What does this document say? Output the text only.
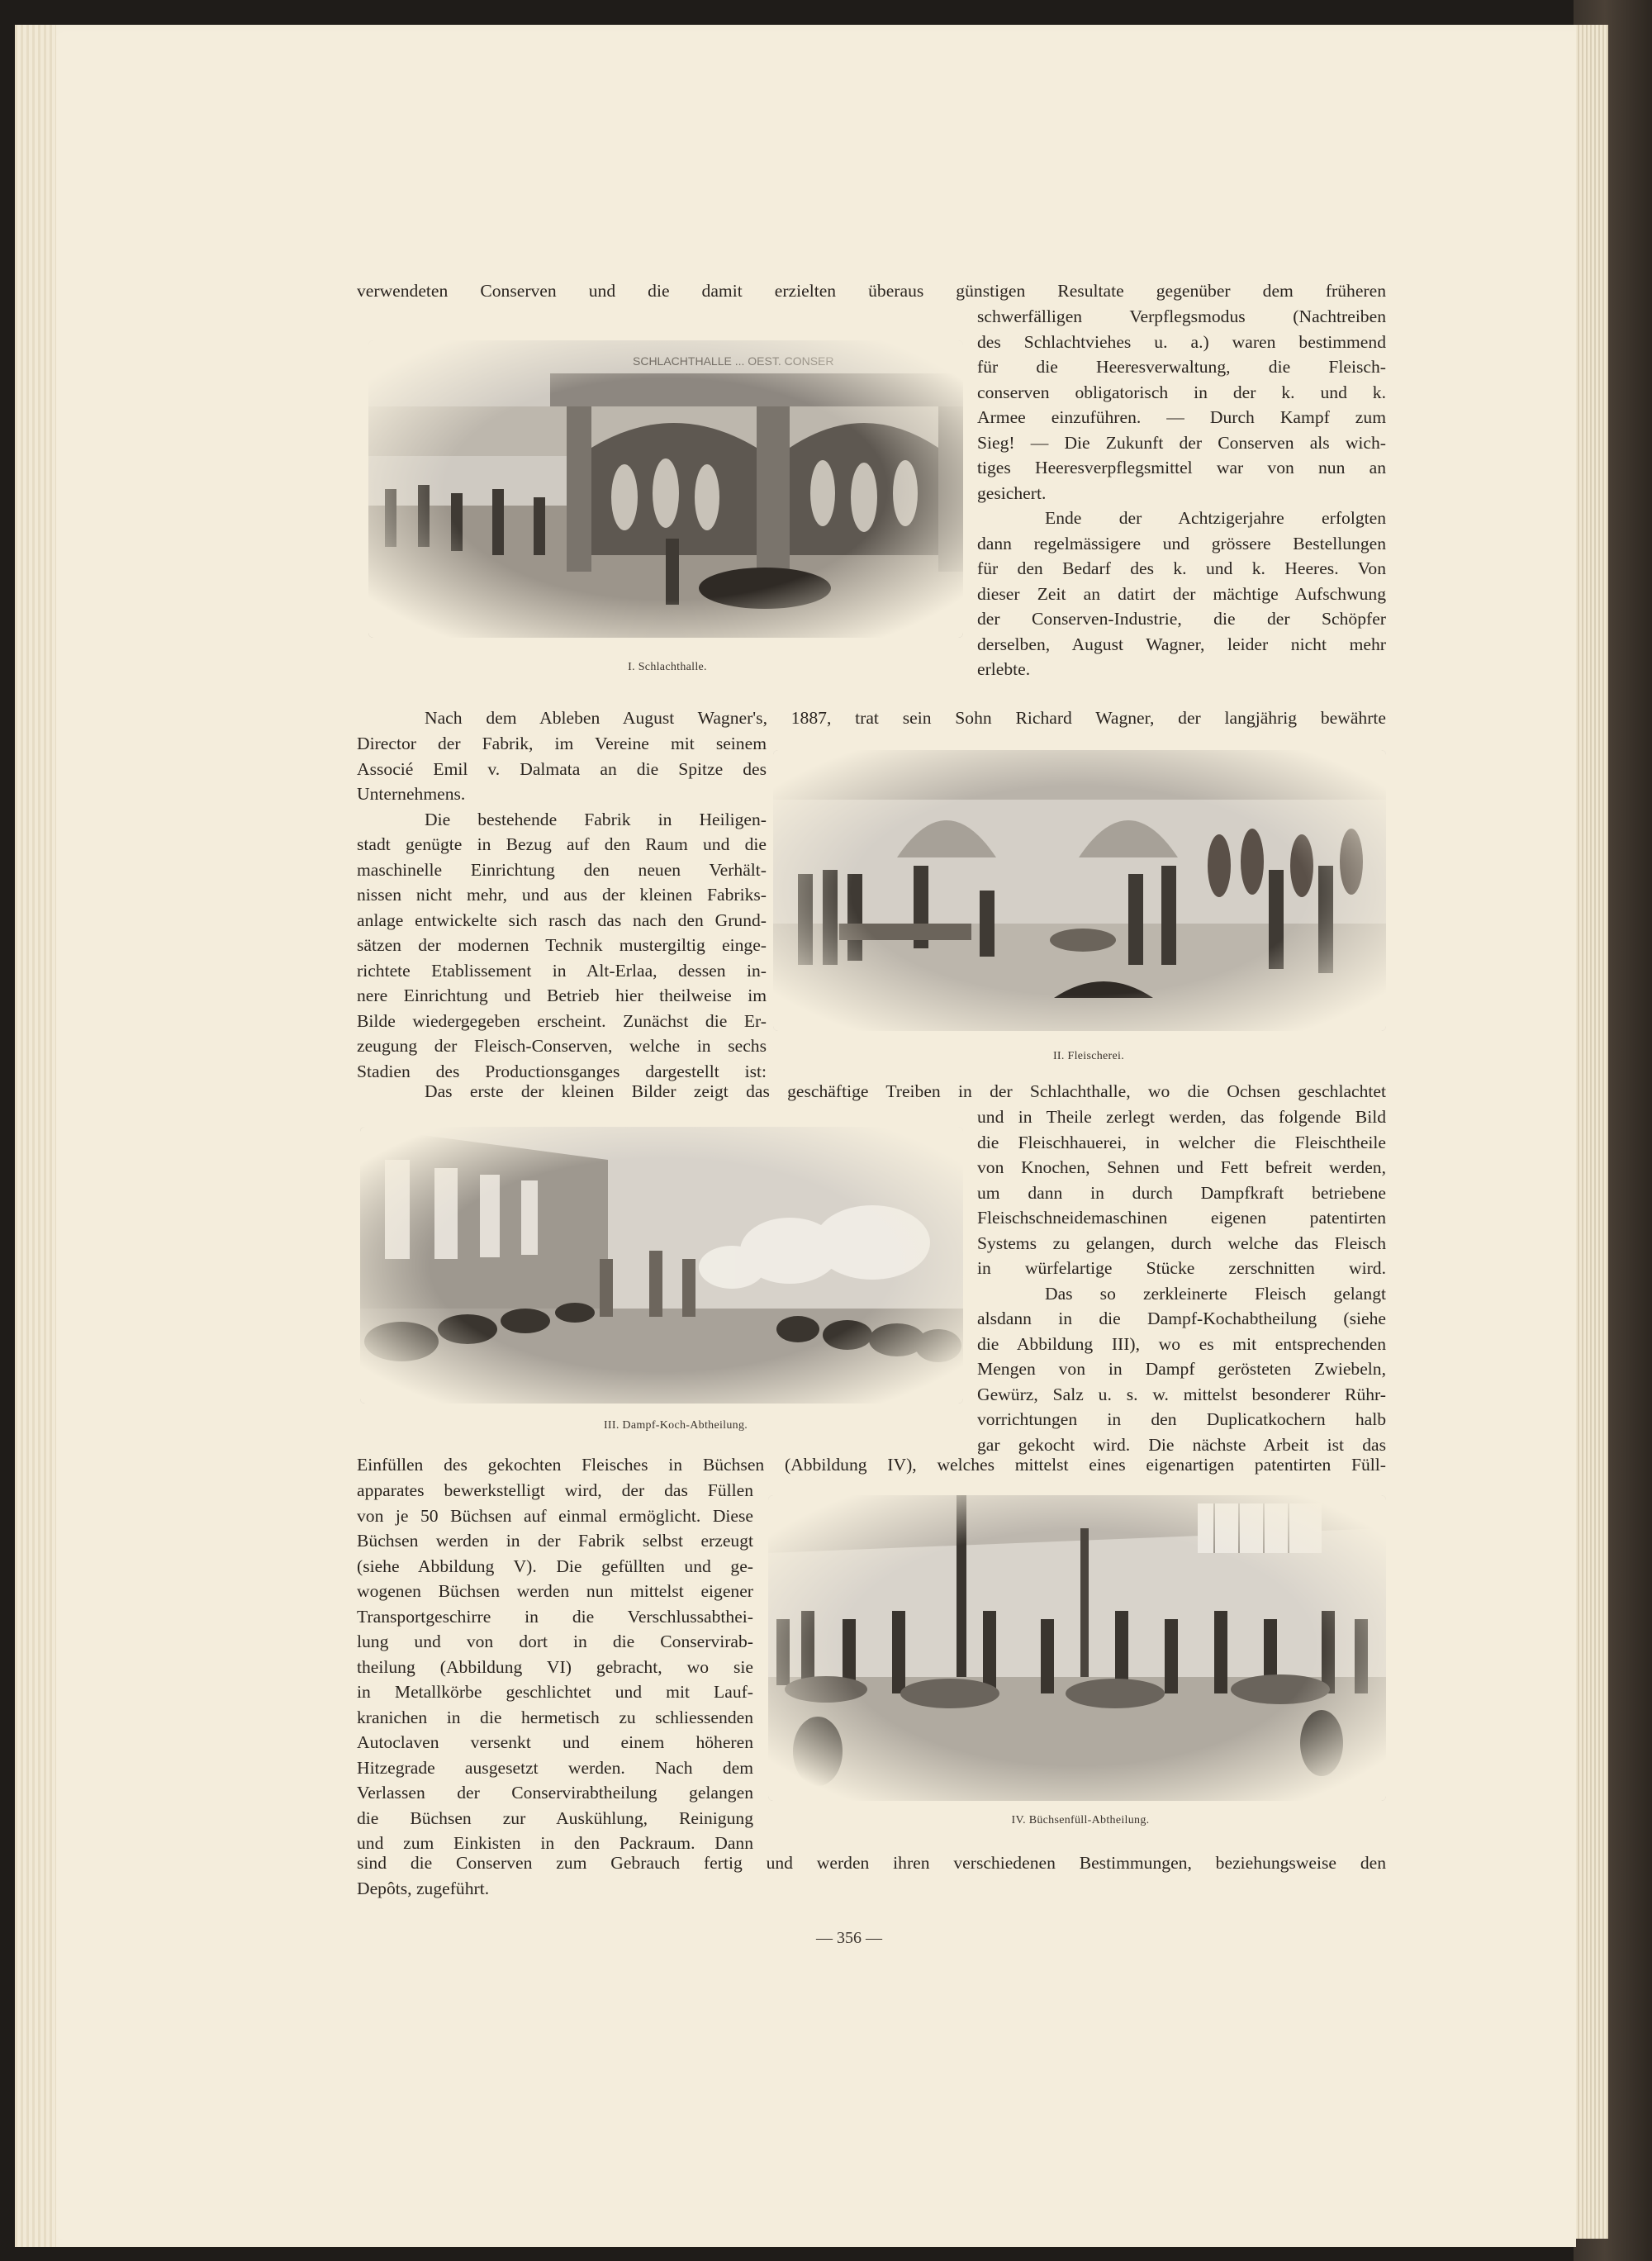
verwendeten Conserven und die damit erzielten überaus günstigen Resultate gegenüber dem früheren
schwerfälligen Verpflegsmodus (Nachtreiben
des Schlachtviehes u. a.) waren bestimmend
für die Heeresverwaltung, die Fleisch-
conserven obligatorisch in der k. und k.
Armee einzuführen. — Durch Kampf zum
Sieg! — Die Zukunft der Conserven als wich-
tiges Heeresverpflegsmittel war von nun an
gesichert.
Ende der Achtzigerjahre erfolgten
dann regelmässigere und grössere Bestellungen
für den Bedarf des k. und k. Heeres. Von
dieser Zeit an datirt der mächtige Aufschwung
der Conserven-Industrie, die der Schöpfer
derselben, August Wagner, leider nicht mehr
erlebte.
I. Schlachthalle.
Nach dem Ableben August Wagner's, 1887, trat sein Sohn Richard Wagner, der langjährig bewährte
Director der Fabrik, im Vereine mit seinem
Associé Emil v. Dalmata an die Spitze des
Unternehmens.
Die bestehende Fabrik in Heiligen-
stadt genügte in Bezug auf den Raum und die
maschinelle Einrichtung den neuen Verhält-
nissen nicht mehr, und aus der kleinen Fabriks-
anlage entwickelte sich rasch das nach den Grund-
sätzen der modernen Technik mustergiltig einge-
richtete Etablissement in Alt-Erlaa, dessen in-
nere Einrichtung und Betrieb hier theilweise im
Bilde wiedergegeben erscheint. Zunächst die Er-
zeugung der Fleisch-Conserven, welche in sechs
Stadien des Productionsganges dargestellt ist:
II. Fleischerei.
Das erste der kleinen Bilder zeigt das geschäftige Treiben in der Schlachthalle, wo die Ochsen geschlachtet
und in Theile zerlegt werden, das folgende Bild
die Fleischhauerei, in welcher die Fleischtheile
von Knochen, Sehnen und Fett befreit werden,
um dann in durch Dampfkraft betriebene
Fleischschneidemaschinen eigenen patentirten
Systems zu gelangen, durch welche das Fleisch
in würfelartige Stücke zerschnitten wird.
Das so zerkleinerte Fleisch gelangt
alsdann in die Dampf-Kochabtheilung (siehe
die Abbildung III), wo es mit entsprechenden
Mengen von in Dampf gerösteten Zwiebeln,
Gewürz, Salz u. s. w. mittelst besonderer Rühr-
vorrichtungen in den Duplicatkochern halb
gar gekocht wird. Die nächste Arbeit ist das
III. Dampf-Koch-Abtheilung.
Einfüllen des gekochten Fleisches in Büchsen (Abbildung IV), welches mittelst eines eigenartigen patentirten Füll-
apparates bewerkstelligt wird, der das Füllen
von je 50 Büchsen auf einmal ermöglicht. Diese
Büchsen werden in der Fabrik selbst erzeugt
(siehe Abbildung V). Die gefüllten und ge-
wogenen Büchsen werden nun mittelst eigener
Transportgeschirre in die Verschlussabthei-
lung und von dort in die Conservirab-
theilung (Abbildung VI) gebracht, wo sie
in Metallkörbe geschlichtet und mit Lauf-
kranichen in die hermetisch zu schliessenden
Autoclaven versenkt und einem höheren
Hitzegrade ausgesetzt werden. Nach dem
Verlassen der Conservirabtheilung gelangen
die Büchsen zur Auskühlung, Reinigung
und zum Einkisten in den Packraum. Dann
IV. Büchsenfüll-Abtheilung.
sind die Conserven zum Gebrauch fertig und werden ihren verschiedenen Bestimmungen, beziehungsweise den
Depôts, zugeführt.
— 356 —
